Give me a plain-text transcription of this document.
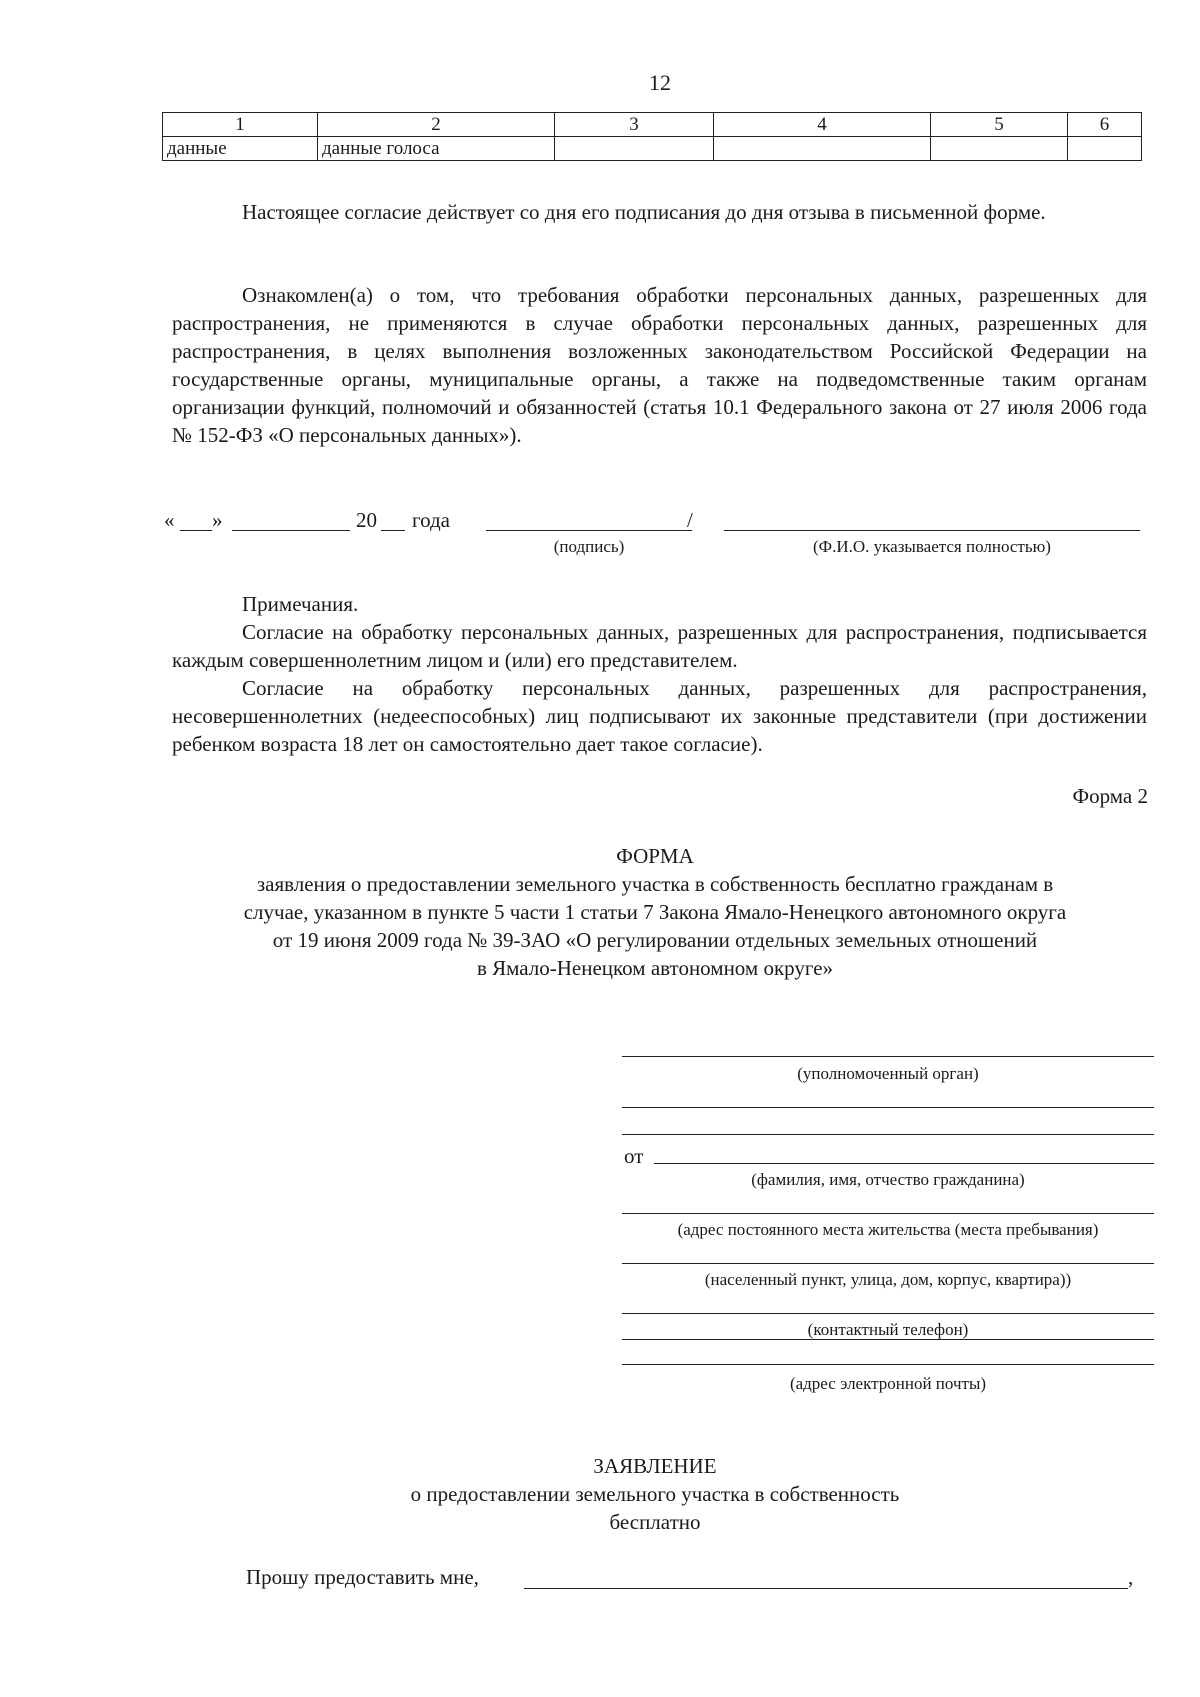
12
1	2	3	4	5	6
данные	данные голоса				
Настоящее согласие действует со дня его подписания до дня отзыва в письменной форме.
Ознакомлен(а) о том, что требования обработки персональных данных, разрешенных для распространения, не применяются в случае обработки персональных данных, разрешенных для распространения, в целях выполнения возложенных законодательством Российской Федерации на государственные органы, муниципальные органы, а также на подведомственные таким органам организации функций, полномочий и обязанностей (статья 10.1 Федерального закона от 27 июля 2006 года № 152-ФЗ «О персональных данных»).
« »	20 года	/
(подпись)	(Ф.И.О. указывается полностью)
Примечания.
Согласие на обработку персональных данных, разрешенных для распространения, подписывается каждым совершеннолетним лицом и (или) его представителем.
Согласие на обработку персональных данных, разрешенных для распространения, несовершеннолетних (недееспособных) лиц подписывают их законные представители (при достижении ребенком возраста 18 лет он самостоятельно дает такое согласие).
Форма 2
ФОРМА
заявления о предоставлении земельного участка в собственность бесплатно гражданам в
случае, указанном в пункте 5 части 1 статьи 7 Закона Ямало-Ненецкого автономного округа
от 19 июня 2009 года № 39-ЗАО «О регулировании отдельных земельных отношений
в Ямало-Ненецком автономном округе»
(уполномоченный орган)
от
(фамилия, имя, отчество гражданина)
(адрес постоянного места жительства (места пребывания)
(населенный пункт, улица, дом, корпус, квартира))
(контактный телефон)
(адрес электронной почты)
ЗАЯВЛЕНИЕ
о предоставлении земельного участка в собственность
бесплатно
Прошу предоставить мне,	,
